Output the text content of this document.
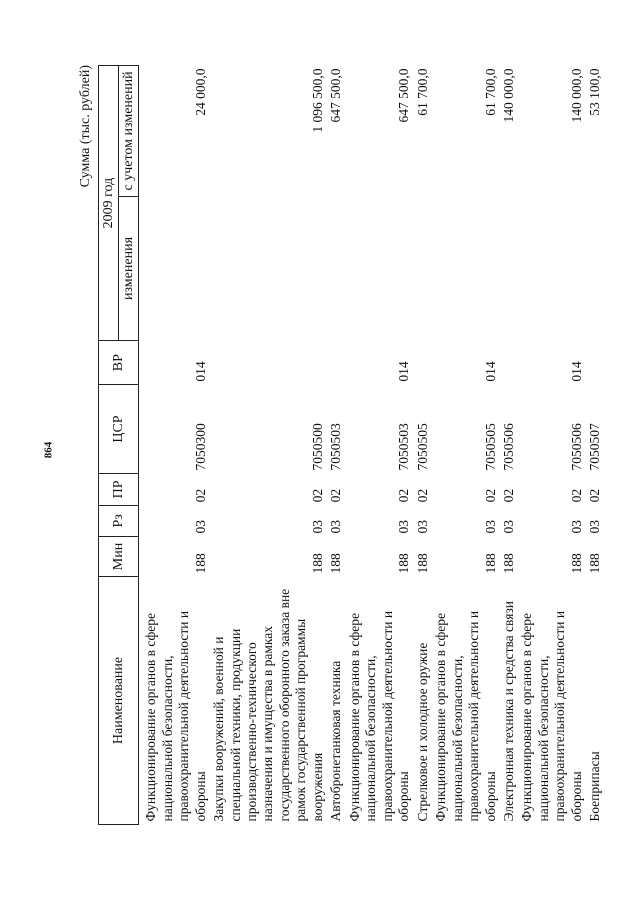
864
Сумма (тыс. рублей)
Наименование	Мин	Рз	ПР	ЦСР	ВР	2009 год	
						изменения	с учетом изменений
Функционирование органов в сфере национальной безопасности, правоохранительной деятельности и обороны	188	03	02	7050300	014		24 000,0
Закупки вооружений, военной и специальной техники, продукции производственно-технического назначения и имущества в рамках государственного оборонного заказа вне рамок государственной программы вооружения	188	03	02	7050500			1 096 500,0
Автобронетанковая техника	188	03	02	7050503			647 500,0
Функционирование органов в сфере национальной безопасности, правоохранительной деятельности и обороны	188	03	02	7050503	014		647 500,0
Стрелковое и холодное оружие	188	03	02	7050505			61 700,0
Функционирование органов в сфере национальной безопасности, правоохранительной деятельности и обороны	188	03	02	7050505	014		61 700,0
Электронная техника и средства связи	188	03	02	7050506			140 000,0
Функционирование органов в сфере национальной безопасности, правоохранительной деятельности и обороны	188	03	02	7050506	014		140 000,0
Боеприпасы	188	03	02	7050507			53 100,0
